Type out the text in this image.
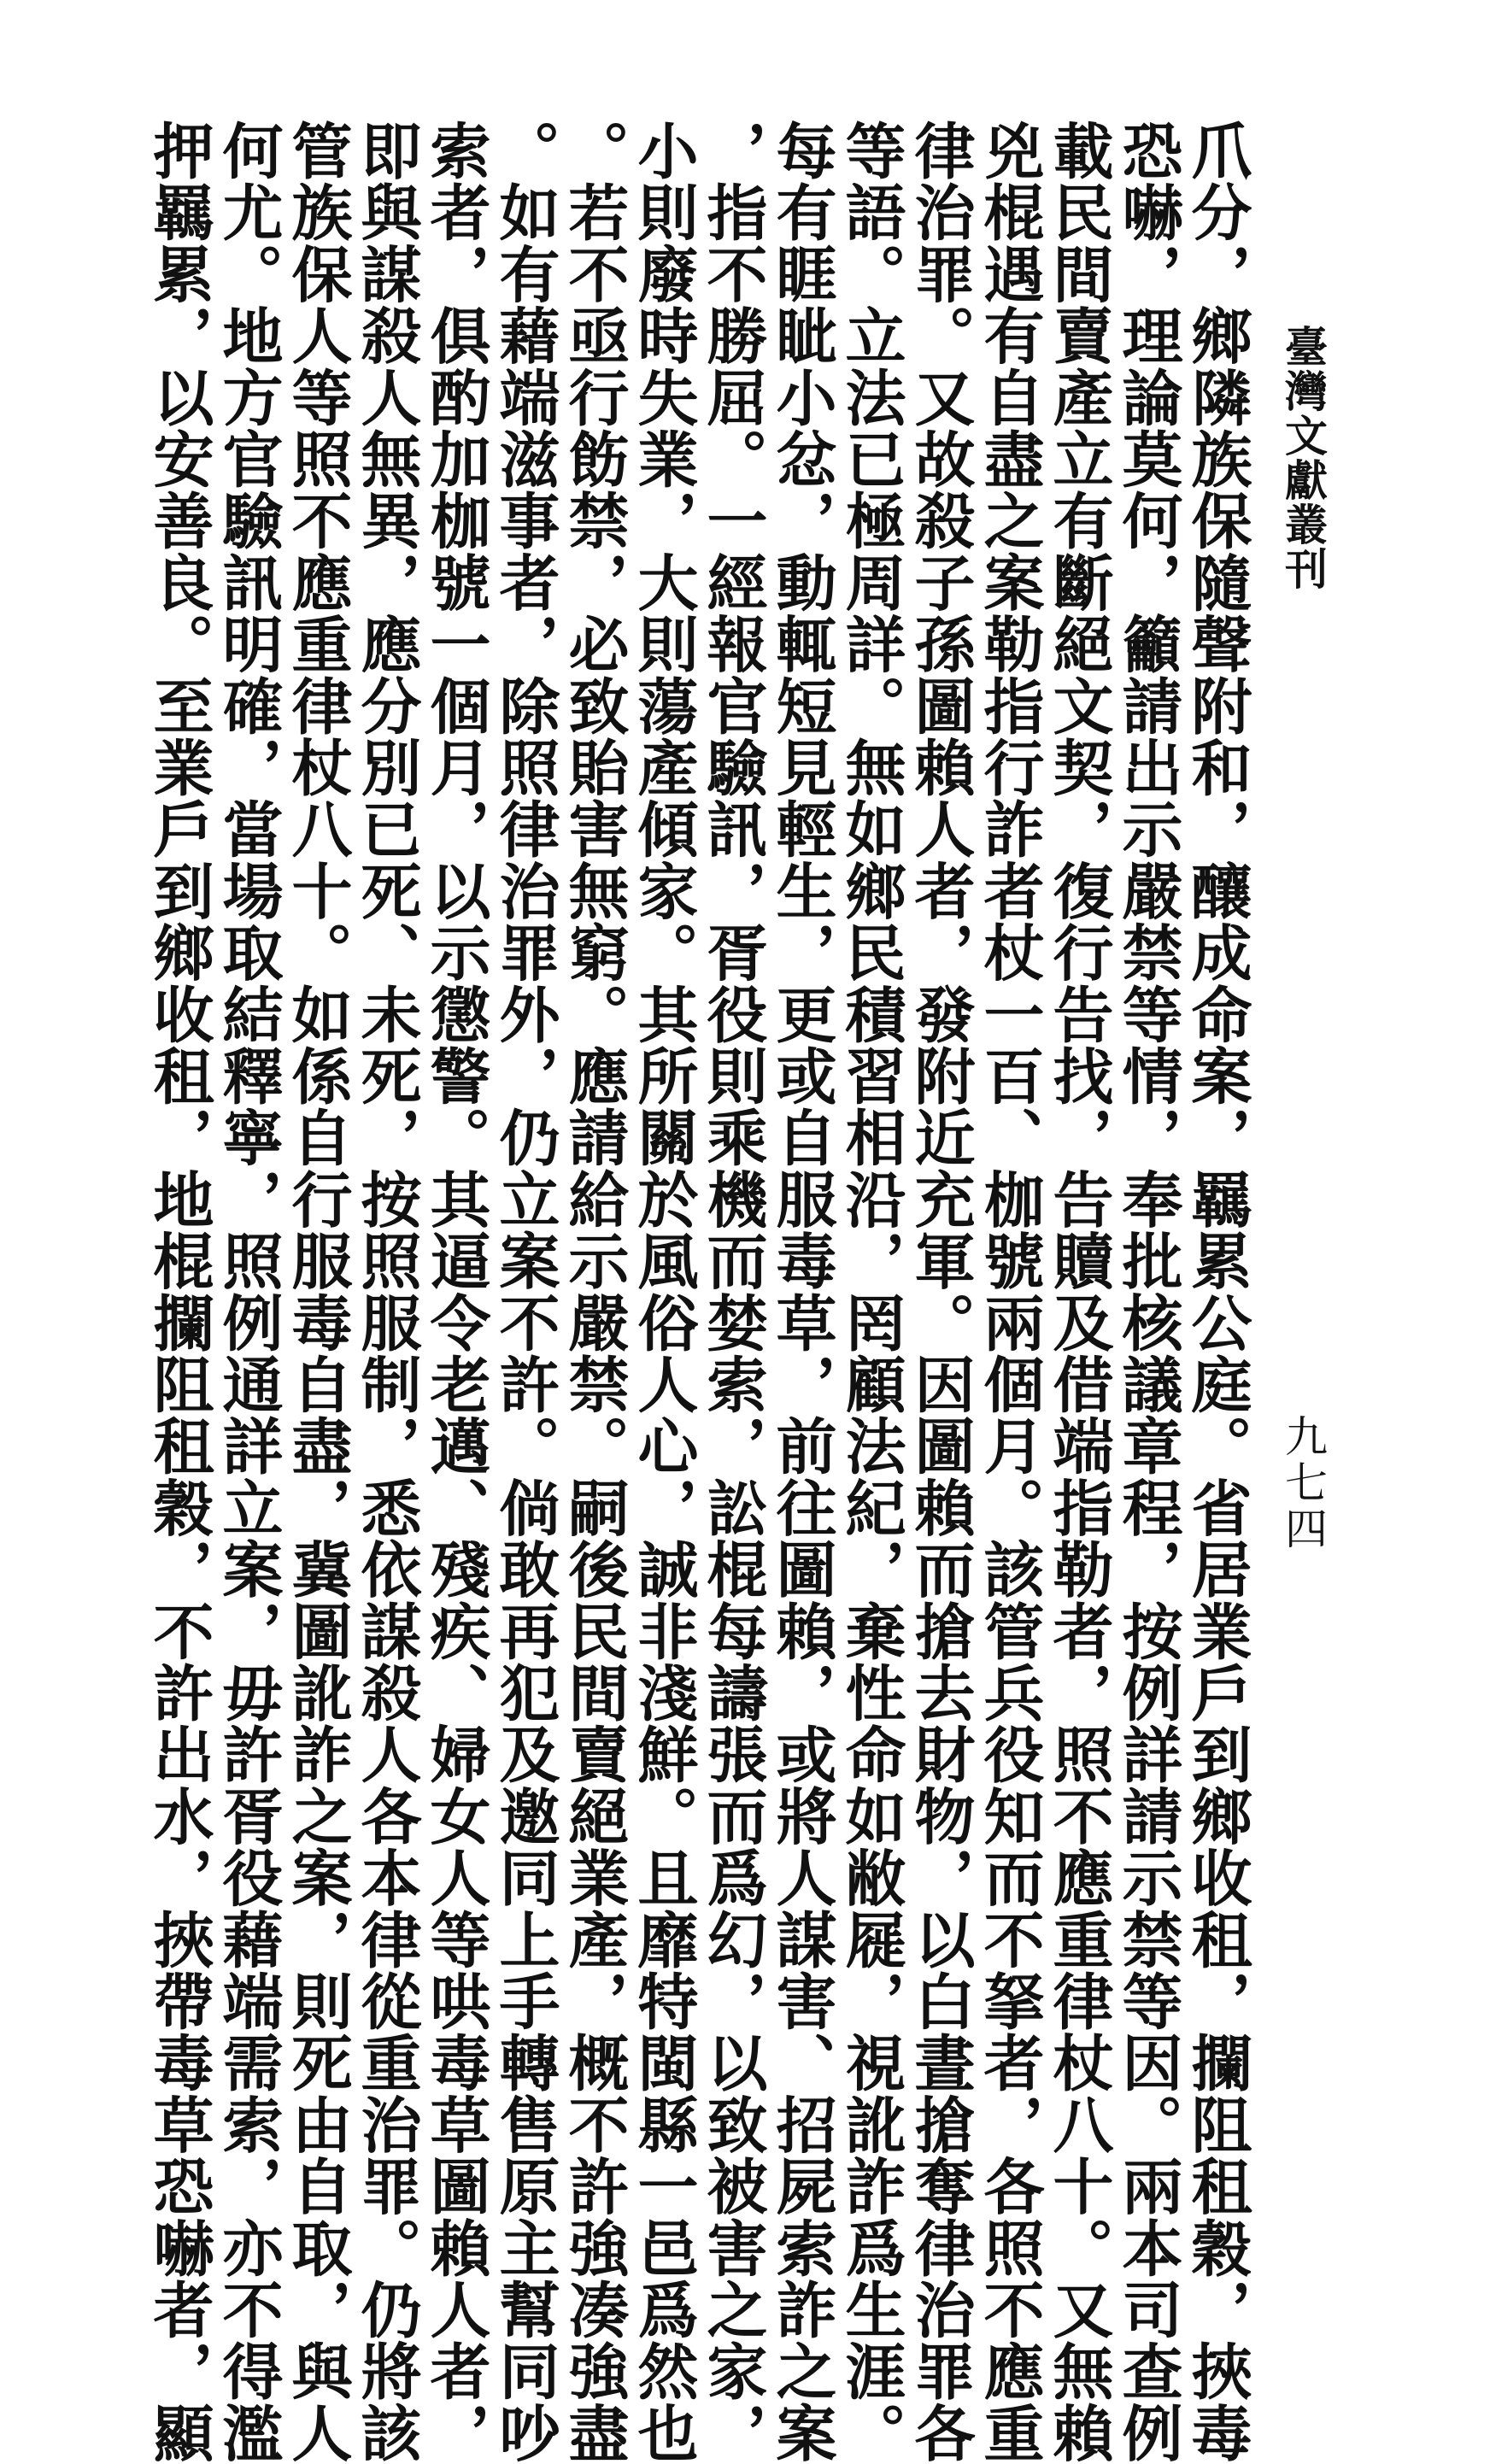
臺灣文獻叢刊
九七四
爪分，鄉隣族保隨聲附和，釀成命案，羈累公庭。省居業戶到鄉收租，攔阻租穀，挾毒
恐嚇，理論莫何，籲請出示嚴禁等情，奉批核議章程，按例詳請示禁等因。兩本司查例
載民間賣產立有斷絕文契，復行告找，告贖及借端指勒者，照不應重律杖八十。又無賴
兇棍遇有自盡之案勒指行詐者杖一百、枷號兩個月。該管兵役知而不拏者，各照不應重
律治罪。又故殺子孫圖賴人者，發附近充軍。因圖賴而搶去財物，以白晝搶奪律治罪各
等語。立法已極周詳。無如鄉民積習相沿，罔顧法紀，棄性命如敝屣，視訛詐爲生涯。
每有睚眦小忿，動輒短見輕生，更或自服毒草，前往圖賴，或將人謀害、招屍索詐之案
，指不勝屈。一經報官驗訊，胥役則乘機而婪索，訟棍每譸張而爲幻，以致被害之家，
小則廢時失業，大則蕩產傾家。其所關於風俗人心，誠非淺鮮。且靡特閩縣一邑爲然也
。若不亟行飭禁，必致貽害無窮。應請給示嚴禁。嗣後民間賣絕業產，概不許強凑強盡
。如有藉端滋事者，除照律治罪外，仍立案不許。倘敢再犯及邀同上手轉售原主幫同吵
索者，俱酌加枷號一個月，以示懲警。其逼令老邁、殘疾、婦女人等哄毒草圖賴人者，
即與謀殺人無異，應分別已死、未死，按照服制，悉依謀殺人各本律從重治罪。仍將該
管族保人等照不應重律杖八十。如係自行服毒自盡，冀圖訛詐之案，則死由自取，與人
何尤。地方官驗訊明確，當場取結釋寧，照例通詳立案，毋許胥役藉端需索，亦不得濫
押羈累，以安善良。至業戶到鄉收租，地棍攔阻租穀，不許出水，挾帶毒草恐嚇者，顯
